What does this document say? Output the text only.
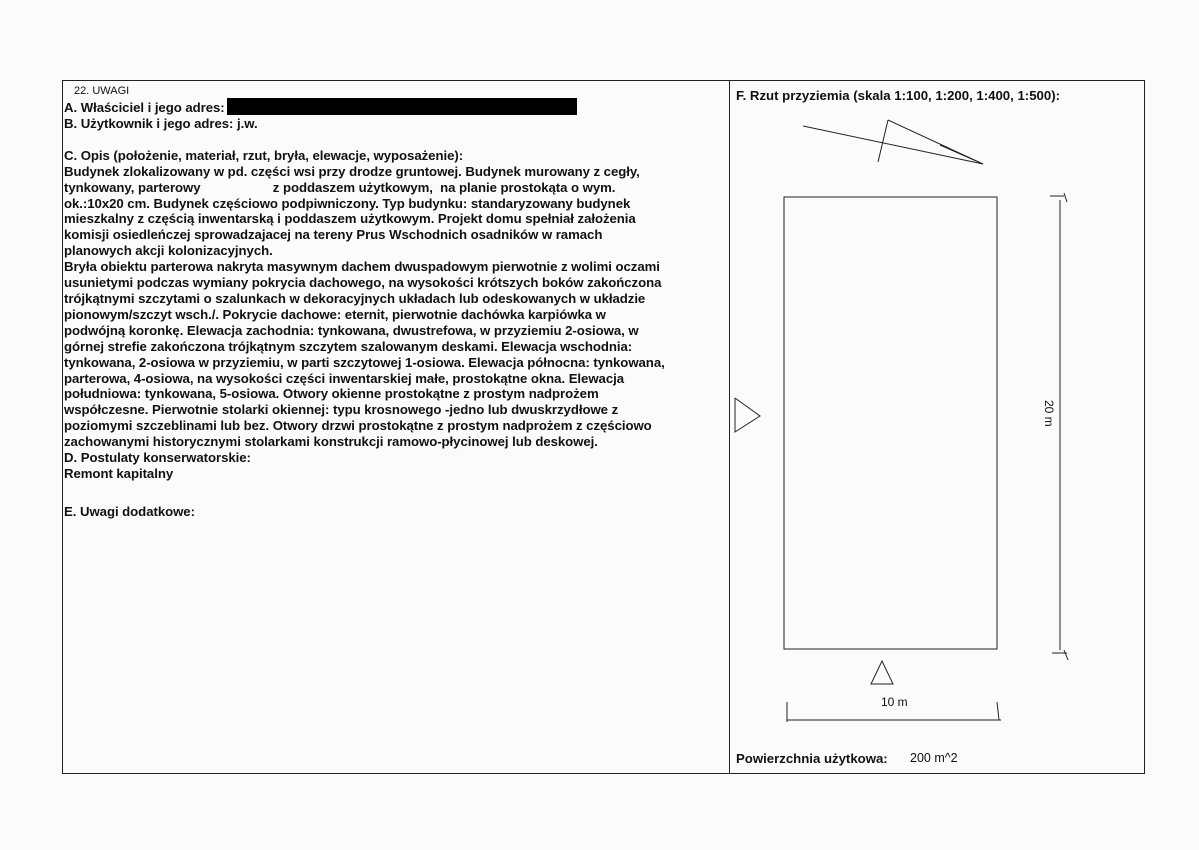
22. UWAGI
A. Właściciel i jego adres:
B. Użytkownik i jego adres: j.w.
C. Opis (położenie, materiał, rzut, bryła, elewacje, wyposażenie):
Budynek zlokalizowany w pd. części wsi przy drodze gruntowej. Budynek murowany z cegły,
tynkowany, parterowy                    z poddaszem użytkowym,  na planie prostokąta o wym.
ok.:10x20 cm. Budynek częściowo podpiwniczony. Typ budynku: standaryzowany budynek
mieszkalny z częścią inwentarską i poddaszem użytkowym. Projekt domu spełniał założenia
komisji osiedleńczej sprowadzajacej na tereny Prus Wschodnich osadników w ramach
planowych akcji kolonizacyjnych.
Bryła obiektu parterowa nakryta masywnym dachem dwuspadowym pierwotnie z wolimi oczami
usunietymi podczas wymiany pokrycia dachowego, na wysokości krótszych boków zakończona
trójkątnymi szczytami o szalunkach w dekoracyjnych układach lub odeskowanych w układzie
pionowym/szczyt wsch./. Pokrycie dachowe: eternit, pierwotnie dachówka karpiówka w
podwójną koronkę. Elewacja zachodnia: tynkowana, dwustrefowa, w przyziemiu 2-osiowa, w
górnej strefie zakończona trójkątnym szczytem szalowanym deskami. Elewacja wschodnia:
tynkowana, 2-osiowa w przyziemiu, w parti szczytowej 1-osiowa. Elewacja północna: tynkowana,
parterowa, 4-osiowa, na wysokości części inwentarskiej małe, prostokątne okna. Elewacja
południowa: tynkowana, 5-osiowa. Otwory okienne prostokątne z prostym nadprożem
współczesne. Pierwotnie stolarki okiennej: typu krosnowego -jedno lub dwuskrzydłowe z
poziomymi szczeblinami lub bez. Otwory drzwi prostokątne z prostym nadprożem z częściowo
zachowanymi historycznymi stolarkami konstrukcji ramowo-płycinowej lub deskowej.
D. Postulaty konserwatorskie:
Remont kapitalny
E. Uwagi dodatkowe:
F. Rzut przyziemia (skala 1:100, 1:200, 1:400, 1:500):
20 m
10 m
Powierzchnia użytkowa: 200 m^2
